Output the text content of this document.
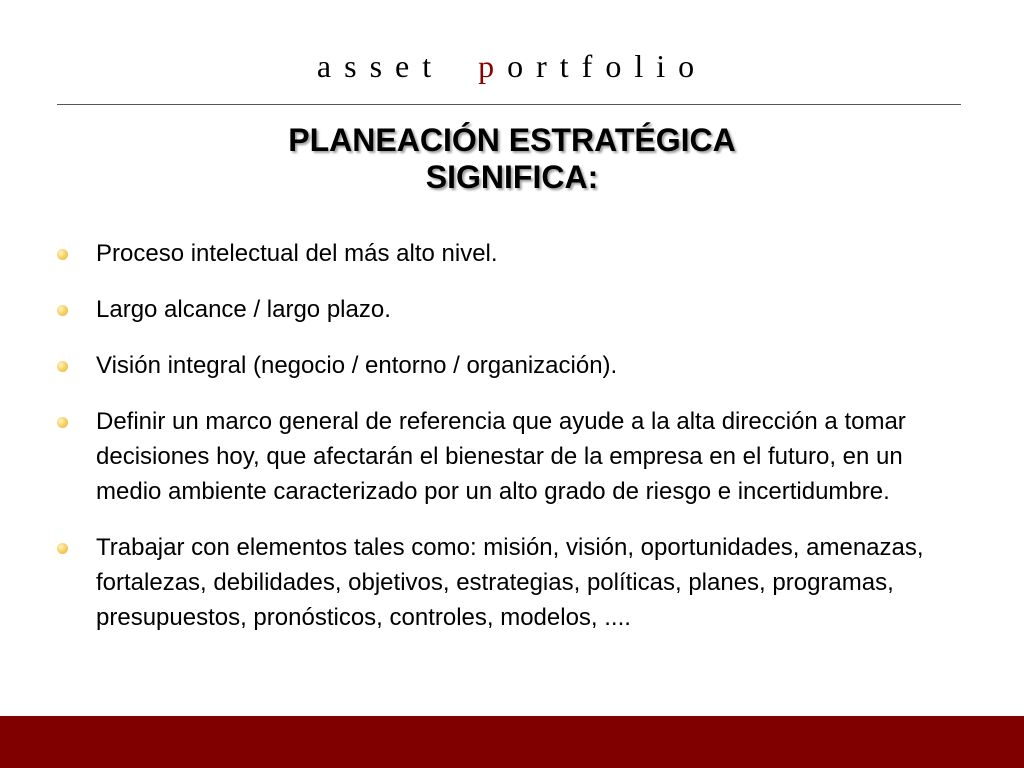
asset portfolio
PLANEACIÓN ESTRATÉGICA
SIGNIFICA:
Proceso intelectual del más alto nivel.
Largo alcance / largo plazo.
Visión integral (negocio / entorno / organización).
Definir un marco general de referencia que ayude a la alta dirección a tomar decisiones hoy, que afectarán el bienestar de la empresa en el futuro, en un medio ambiente caracterizado por un alto grado de riesgo e incertidumbre.
Trabajar con elementos tales como: misión, visión, oportunidades, amenazas, fortalezas, debilidades, objetivos, estrategias, políticas, planes, programas, presupuestos, pronósticos, controles, modelos, ....
